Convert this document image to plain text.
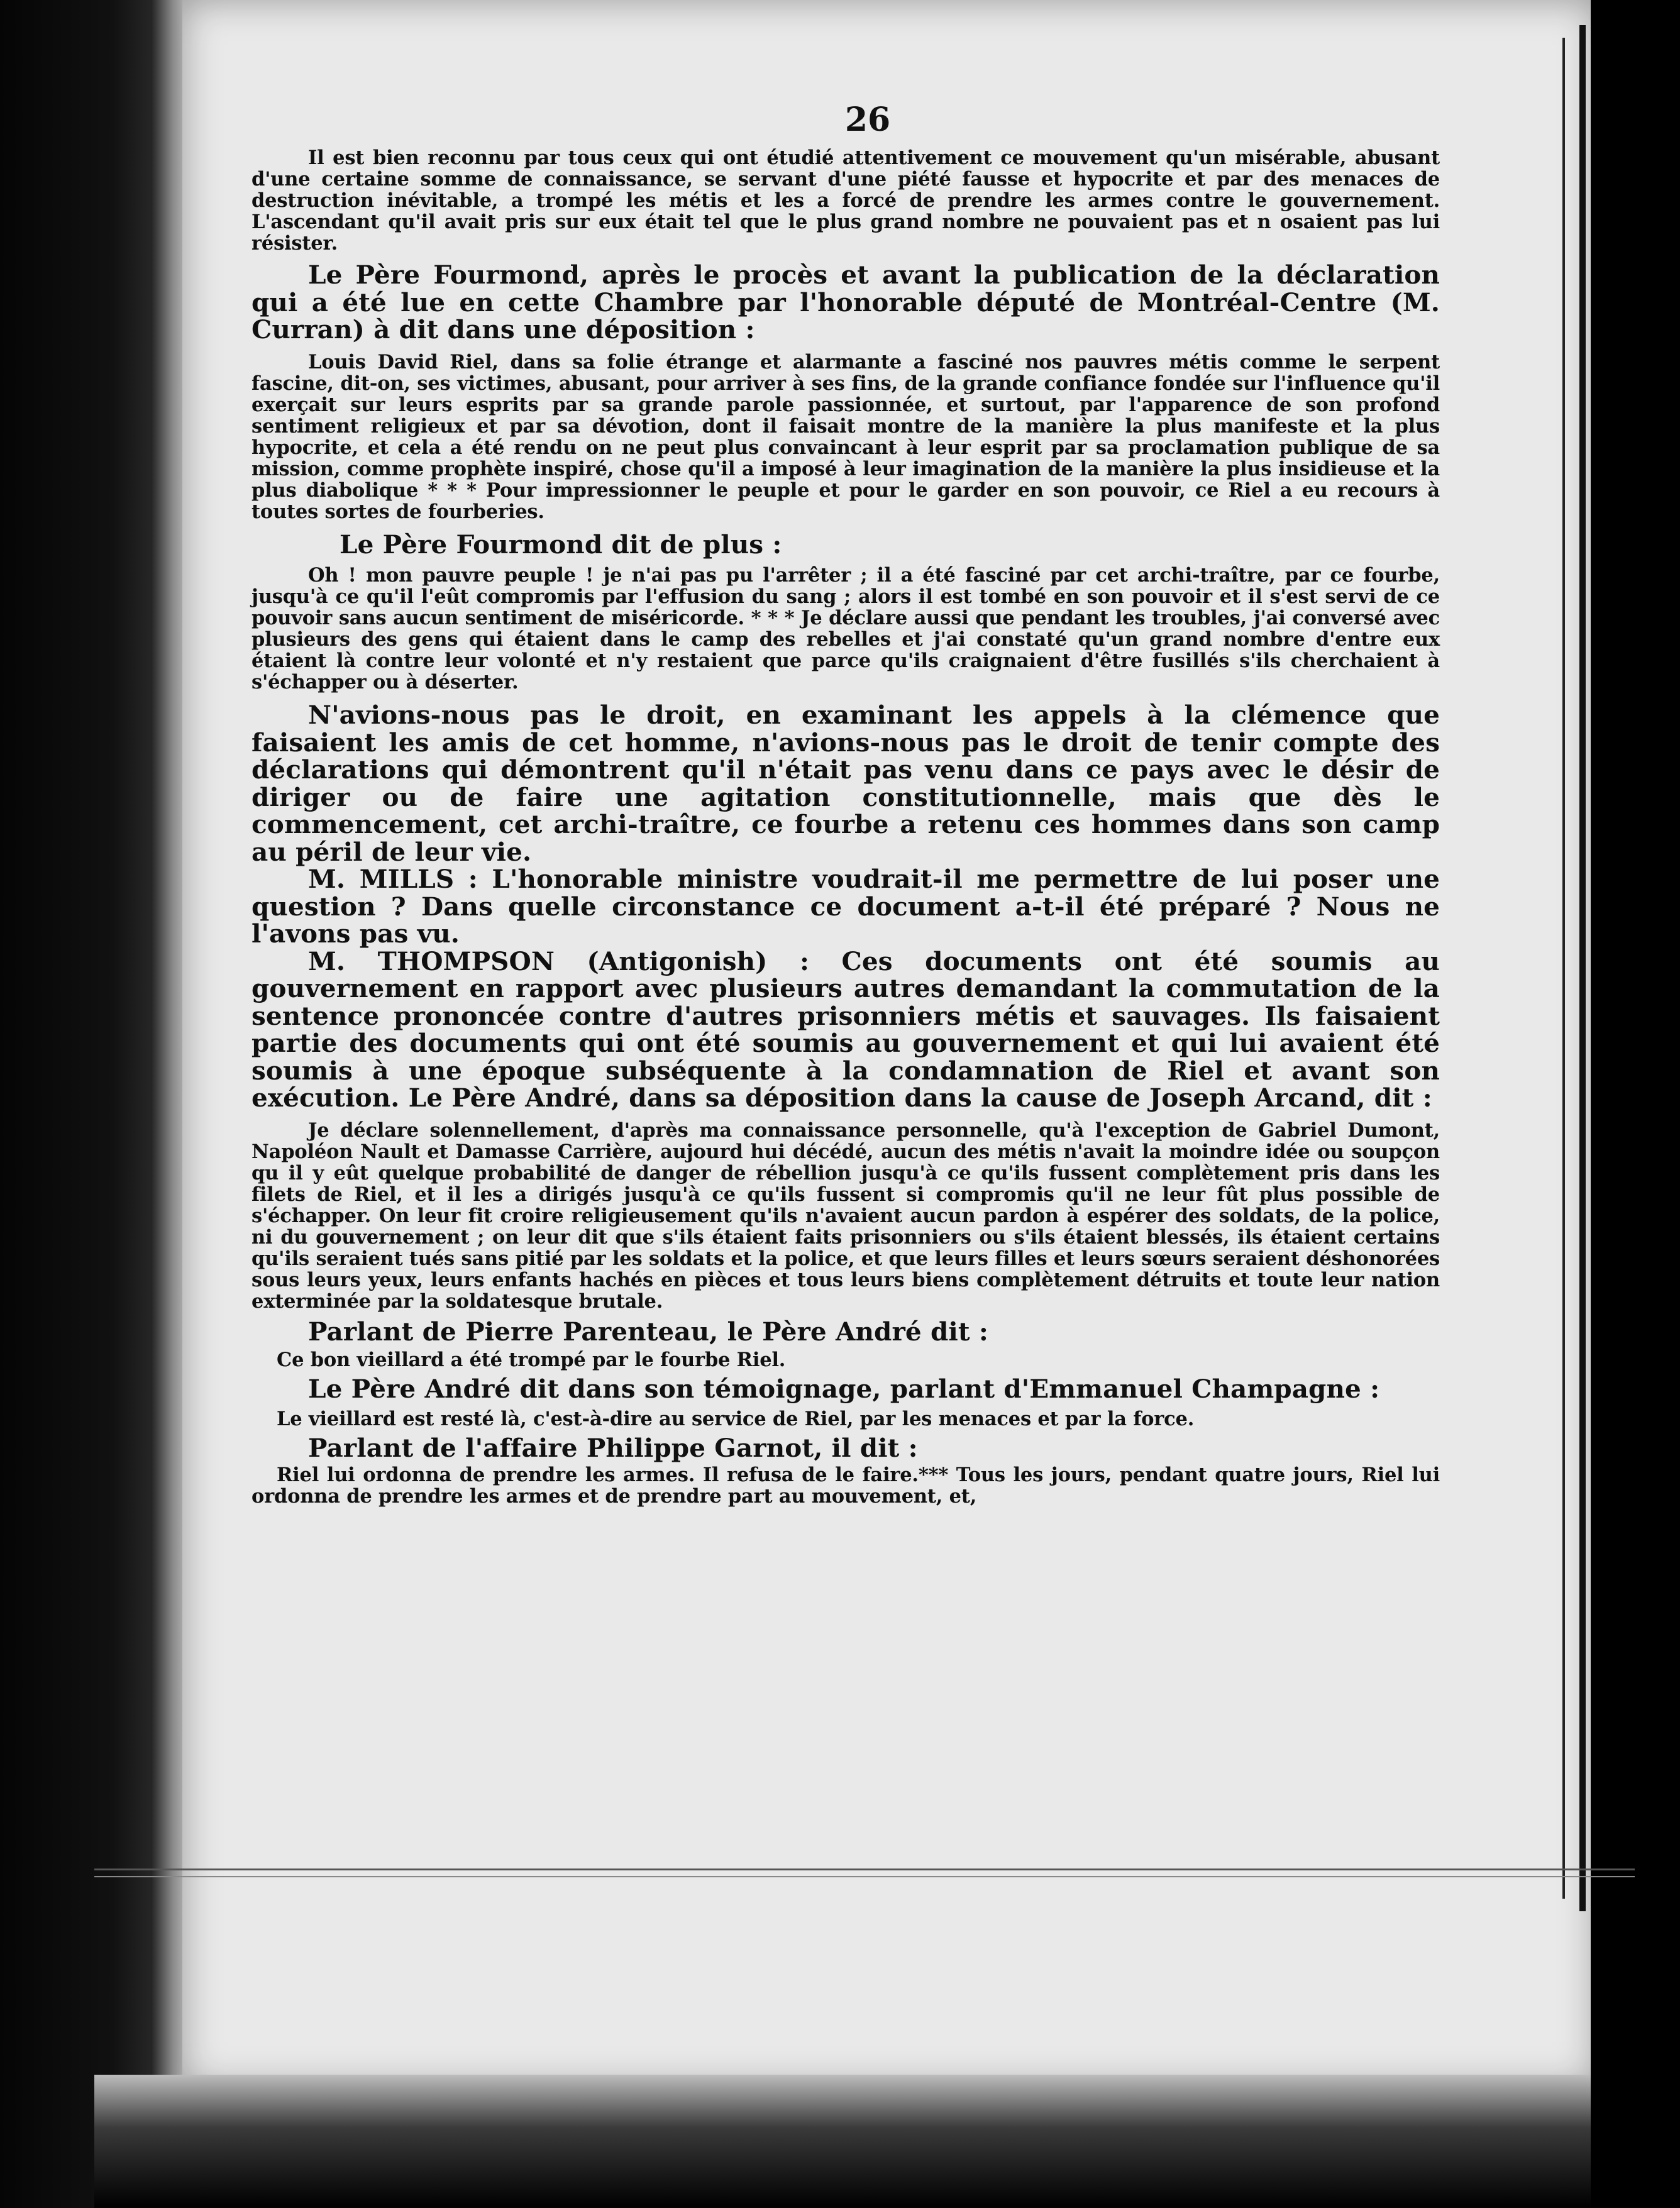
26

Il est bien reconnu par tous ceux qui ont étudié attentivement ce mouvement qu'un misérable, abusant d'une certaine somme de connaissance, se servant d'une piété fausse et hypocrite et par des menaces de destruction inévitable, a trompé les métis et les a forcé de prendre les armes contre le gouvernement. L'ascendant qu'il avait pris sur eux était tel que le plus grand nombre ne pouvaient pas et n osaient pas lui résister.

Le Père Fourmond, après le procès et avant la publication de la déclaration qui a été lue en cette Chambre par l'honorable député de Montréal-Centre (M. Curran) à dit dans une déposition :

Louis David Riel, dans sa folie étrange et alarmante a fasciné nos pauvres métis comme le serpent fascine, dit-on, ses victimes, abusant, pour arriver à ses fins, de la grande confiance fondée sur l'influence qu'il exerçait sur leurs esprits par sa grande parole passionnée, et surtout, par l'apparence de son profond sentiment religieux et par sa dévotion, dont il faisait montre de la manière la plus manifeste et la plus hypocrite, et cela a été rendu on ne peut plus convaincant à leur esprit par sa proclamation publique de sa mission, comme prophète inspiré, chose qu'il a imposé à leur imagination de la manière la plus insidieuse et la plus diabolique * * * Pour impressionner le peuple et pour le garder en son pouvoir, ce Riel a eu recours à toutes sortes de fourberies.

Le Père Fourmond dit de plus :

Oh ! mon pauvre peuple ! je n'ai pas pu l'arrêter ; il a été fasciné par cet archi-traître, par ce fourbe, jusqu'à ce qu'il l'eût compromis par l'effusion du sang ; alors il est tombé en son pouvoir et il s'est servi de ce pouvoir sans aucun sentiment de miséricorde. * * * Je déclare aussi que pendant les troubles, j'ai conversé avec plusieurs des gens qui étaient dans le camp des rebelles et j'ai constaté qu'un grand nombre d'entre eux étaient là contre leur volonté et n'y restaient que parce qu'ils craignaient d'être fusillés s'ils cherchaient à s'échapper ou à déserter.

N'avions-nous pas le droit, en examinant les appels à la clémence que faisaient les amis de cet homme, n'avions-nous pas le droit de tenir compte des déclarations qui démontrent qu'il n'était pas venu dans ce pays avec le désir de diriger ou de faire une agitation constitutionnelle, mais que dès le commencement, cet archi-traître, ce fourbe a retenu ces hommes dans son camp au péril de leur vie.

M. MILLS : L'honorable ministre voudrait-il me permettre de lui poser une question ? Dans quelle circonstance ce document a-t-il été préparé ? Nous ne l'avons pas vu.

M. THOMPSON (Antigonish) : Ces documents ont été soumis au gouvernement en rapport avec plusieurs autres demandant la commutation de la sentence prononcée contre d'autres prisonniers métis et sauvages. Ils faisaient partie des documents qui ont été soumis au gouvernement et qui lui avaient été soumis à une époque subséquente à la condamnation de Riel et avant son exécution. Le Père André, dans sa déposition dans la cause de Joseph Arcand, dit :

Je déclare solennellement, d'après ma connaissance personnelle, qu'à l'exception de Gabriel Dumont, Napoléon Nault et Damasse Carrière, aujourd hui décédé, aucun des métis n'avait la moindre idée ou soupçon qu il y eût quelque probabilité de danger de rébellion jusqu'à ce qu'ils fussent complètement pris dans les filets de Riel, et il les a dirigés jusqu'à ce qu'ils fussent si compromis qu'il ne leur fût plus possible de s'échapper. On leur fit croire religieusement qu'ils n'avaient aucun pardon à espérer des soldats, de la police, ni du gouvernement ; on leur dit que s'ils étaient faits prisonniers ou s'ils étaient blessés, ils étaient certains qu'ils seraient tués sans pitié par les soldats et la police, et que leurs filles et leurs sœurs seraient déshonorées sous leurs yeux, leurs enfants hachés en pièces et tous leurs biens complètement détruits et toute leur nation exterminée par la soldatesque brutale.

Parlant de Pierre Parenteau, le Père André dit :

Ce bon vieillard a été trompé par le fourbe Riel.

Le Père André dit dans son témoignage, parlant d'Emmanuel Champagne :

Le vieillard est resté là, c'est-à-dire au service de Riel, par les menaces et par la force.

Parlant de l'affaire Philippe Garnot, il dit :

Riel lui ordonna de prendre les armes. Il refusa de le faire.*** Tous les jours, pendant quatre jours, Riel lui ordonna de prendre les armes et de prendre part au mouvement, et,
